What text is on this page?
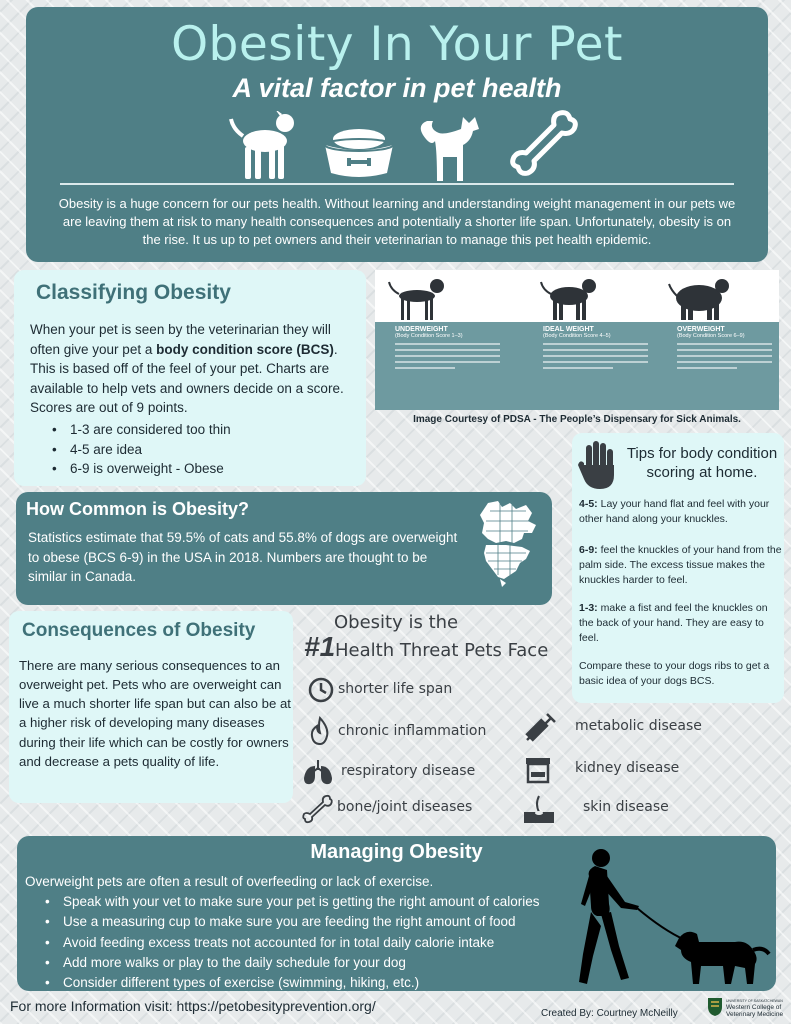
Obesity In Your Pet
A vital factor in pet health
Obesity is a huge concern for our pets health. Without learning and understanding weight management in our pets we are leaving them at risk to many health consequences and potentially a shorter life span. Unfortunately, obesity is on the rise. It us up to pet owners and their veterinarian to manage this pet health epidemic.
Classifying Obesity
When your pet is seen by the veterinarian they will often give your pet a body condition score (BCS). This is based off of the feel of your pet. Charts are available to help vets and owners decide on a score. Scores are out of 9 points.
• 1-3 are considered too thin
• 4-5 are idea
• 6-9 is overweight - Obese
UNDERWEIGHT
(Body Condition Score 1–3)
IDEAL WEIGHT
(Body Condition Score 4–5)
OVERWEIGHT
(Body Condition Score 6–9)
Image Courtesy of PDSA - The People’s Dispensary for Sick Animals.
Tips for body condition scoring at home.
4-5: Lay your hand flat and feel with your other hand along your knuckles.
6-9: feel the knuckles of your hand from the palm side. The excess tissue makes the knuckles harder to feel.
1-3: make a fist and feel the knuckles on the back of your hand. They are easy to feel.
Compare these to your dogs ribs to get a basic idea of your dogs BCS.
How Common is Obesity?
Statistics estimate that 59.5% of cats and 55.8% of dogs are overweight to obese (BCS 6-9) in the USA in 2018. Numbers are thought to be similar in Canada.
Consequences of Obesity
There are many serious consequences to an overweight pet. Pets who are overweight can live a much shorter life span but can also be at a higher risk of developing many diseases during their life which can be costly for owners and decrease a pets quality of life.
Obesity is the
#1 Health Threat Pets Face
shorter life span
chronic inflammation
respiratory disease
bone/joint diseases
metabolic disease
kidney disease
skin disease
Managing Obesity
Overweight pets are often a result of overfeeding or lack of exercise.
• Speak with your vet to make sure your pet is getting the right amount of calories
• Use a measuring cup to make sure you are feeding the right amount of food
• Avoid feeding excess treats not accounted for in total daily calorie intake
• Add more walks or play to the daily schedule for your dog
• Consider different types of exercise (swimming, hiking, etc.)
For more Information visit: https://petobesityprevention.org/	Created By: Courtney McNeilly
UNIVERSITY OF SASKATCHEWAN
Western College of Veterinary Medicine
